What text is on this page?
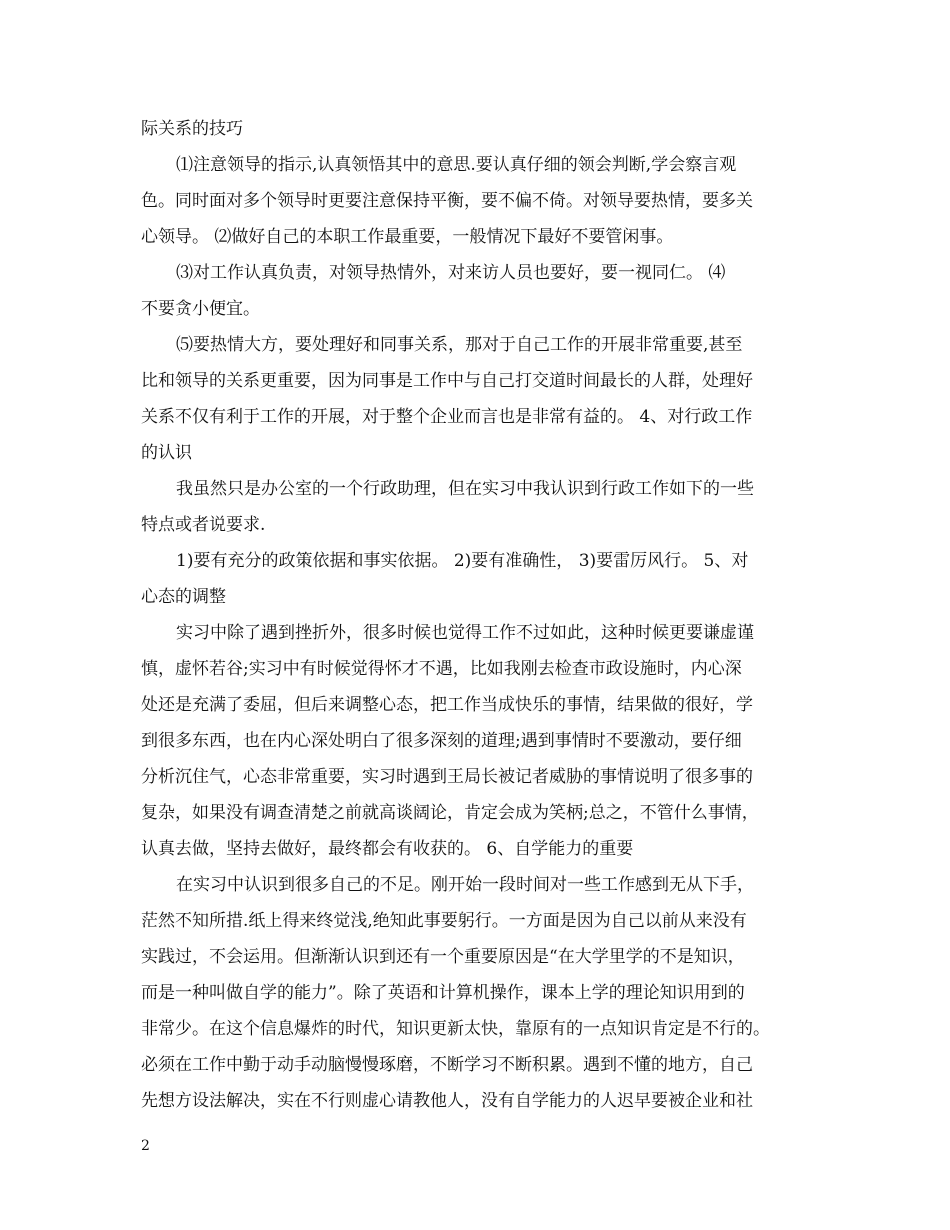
际关系的技巧
⑴注意领导的指示,认真领悟其中的意思.要认真仔细的领会判断,学会察言观
色。同时面对多个领导时更要注意保持平衡，要不偏不倚。对领导要热情，要多关
心领导。 ⑵做好自己的本职工作最重要，一般情况下最好不要管闲事。
⑶对工作认真负责，对领导热情外，对来访人员也要好，要一视同仁。 ⑷
不要贪小便宜。
⑸要热情大方，要处理好和同事关系，那对于自己工作的开展非常重要,甚至
比和领导的关系更重要，因为同事是工作中与自己打交道时间最长的人群，处理好
关系不仅有利于工作的开展，对于整个企业而言也是非常有益的。 4、对行政工作
的认识
我虽然只是办公室的一个行政助理，但在实习中我认识到行政工作如下的一些
特点或者说要求.
1)要有充分的政策依据和事实依据。 2)要有准确性， 3)要雷厉风行。 5、对
心态的调整
实习中除了遇到挫折外，很多时候也觉得工作不过如此，这种时候更要谦虚谨
慎，虚怀若谷;实习中有时候觉得怀才不遇，比如我刚去检查市政设施时，内心深
处还是充满了委屈，但后来调整心态，把工作当成快乐的事情，结果做的很好，学
到很多东西，也在内心深处明白了很多深刻的道理;遇到事情时不要激动，要仔细
分析沉住气，心态非常重要，实习时遇到王局长被记者威胁的事情说明了很多事的
复杂，如果没有调查清楚之前就高谈阔论，肯定会成为笑柄;总之，不管什么事情，
认真去做，坚持去做好，最终都会有收获的。 6、自学能力的重要
在实习中认识到很多自己的不足。刚开始一段时间对一些工作感到无从下手，
茫然不知所措.纸上得来终觉浅,绝知此事要躬行。一方面是因为自己以前从来没有
实践过，不会运用。但渐渐认识到还有一个重要原因是“在大学里学的不是知识，
而是一种叫做自学的能力”。除了英语和计算机操作，课本上学的理论知识用到的
非常少。在这个信息爆炸的时代，知识更新太快，靠原有的一点知识肯定是不行的。
必须在工作中勤于动手动脑慢慢琢磨，不断学习不断积累。遇到不懂的地方，自己
先想方设法解决，实在不行则虚心请教他人，没有自学能力的人迟早要被企业和社
2
